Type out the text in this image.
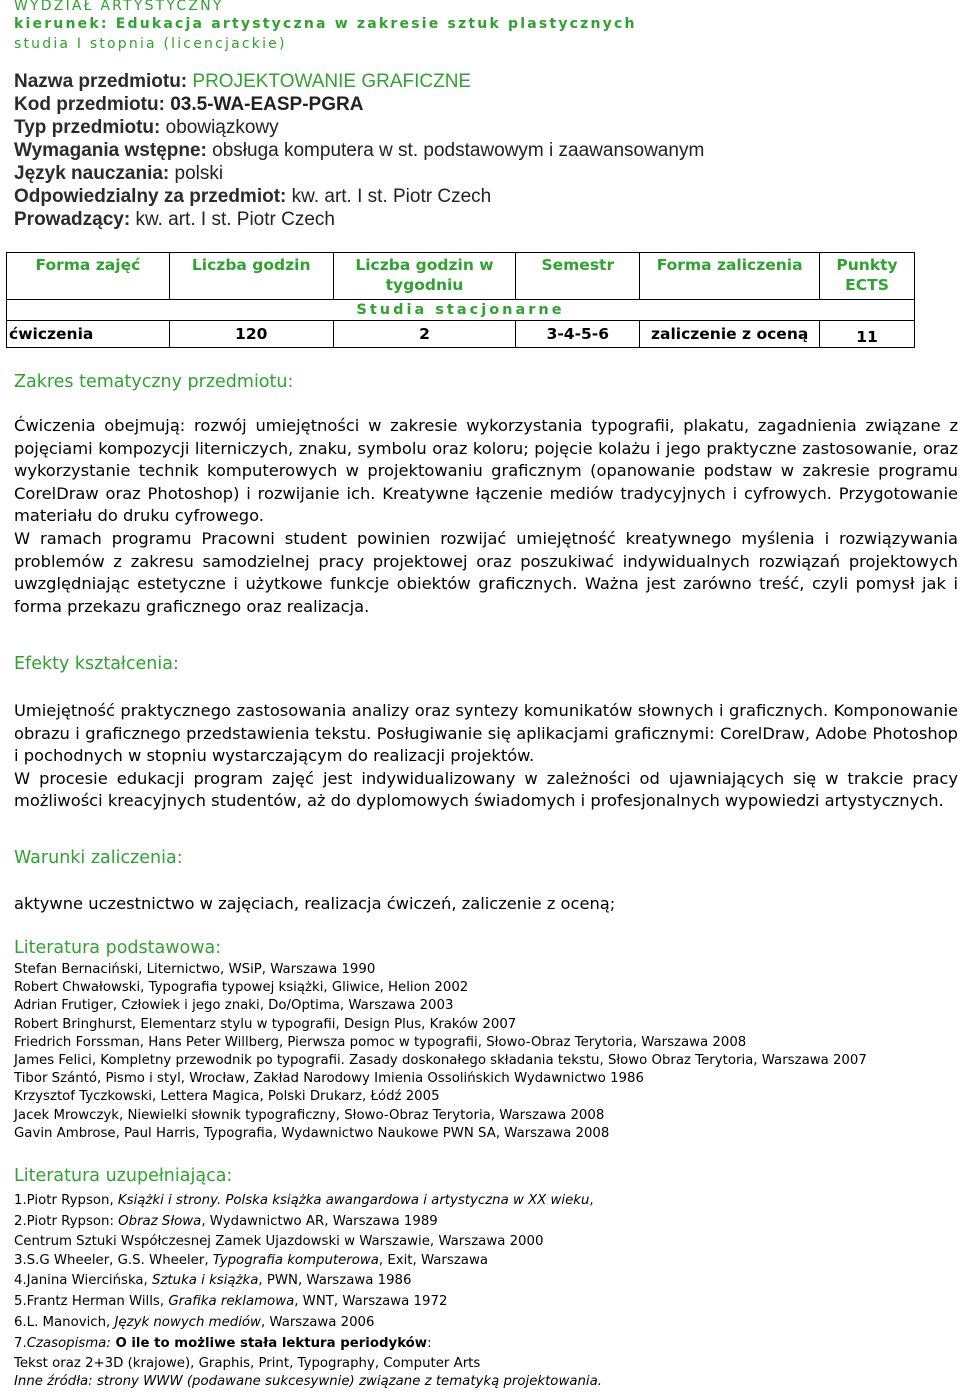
WYDZIAŁ ARTYSTYCZNY
kierunek: Edukacja artystyczna w zakresie sztuk plastycznych
studia I stopnia (licencjackie)
Nazwa przedmiotu: PROJEKTOWANIE GRAFICZNE
Kod przedmiotu: 03.5-WA-EASP-PGRA
Typ przedmiotu: obowiązkowy
Wymagania wstępne: obsługa komputera w st. podstawowym i zaawansowanym
Język nauczania: polski
Odpowiedzialny za przedmiot: kw. art. I st. Piotr Czech
Prowadzący: kw. art. I st. Piotr Czech
Forma zajęć	Liczba godzin	Liczba godzin w tygodniu	Semestr	Forma zaliczenia	Punkty ECTS
Studia stacjonarne					
ćwiczenia	120	2	3-4-5-6	zaliczenie z oceną	11
Zakres tematyczny przedmiotu:

Ćwiczenia obejmują: rozwój umiejętności w zakresie wykorzystania typografii, plakatu, zagadnienia związane z pojęciami kompozycji literniczych, znaku, symbolu oraz koloru; pojęcie kolażu i jego praktyczne zastosowanie, oraz wykorzystanie technik komputerowych w projektowaniu graficznym (opanowanie podstaw w zakresie programu CorelDraw oraz Photoshop) i rozwijanie ich. Kreatywne łączenie mediów tradycyjnych i cyfrowych. Przygotowanie materiału do druku cyfrowego.

W ramach programu Pracowni student powinien rozwijać umiejętność kreatywnego myślenia i rozwiązywania problemów z zakresu samodzielnej pracy projektowej oraz poszukiwać indywidualnych rozwiązań projektowych uwzględniając estetyczne i użytkowe funkcje obiektów graficznych. Ważna jest zarówno treść, czyli pomysł jak i forma przekazu graficznego oraz realizacja.

Efekty kształcenia:

Umiejętność praktycznego zastosowania analizy oraz syntezy komunikatów słownych i graficznych. Komponowanie obrazu i graficznego przedstawienia tekstu. Posługiwanie się aplikacjami graficznymi: CorelDraw, Adobe Photoshop i pochodnych w stopniu wystarczającym do realizacji projektów.

W procesie edukacji program zajęć jest indywidualizowany w zależności od ujawniających się w trakcie pracy możliwości kreacyjnych studentów, aż do dyplomowych świadomych i profesjonalnych wypowiedzi artystycznych.

Warunki zaliczenia:

aktywne uczestnictwo w zajęciach, realizacja ćwiczeń, zaliczenie z oceną;

Literatura podstawowa:
Stefan Bernaciński, Liternictwo, WSiP, Warszawa 1990
Robert Chwałowski, Typografia typowej książki, Gliwice, Helion 2002
Adrian Frutiger, Człowiek i jego znaki, Do/Optima, Warszawa 2003
Robert Bringhurst, Elementarz stylu w typografii, Design Plus, Kraków 2007
Friedrich Forssman, Hans Peter Willberg, Pierwsza pomoc w typografii, Słowo-Obraz Terytoria, Warszawa 2008
James Felici, Kompletny przewodnik po typografii. Zasady doskonałego składania tekstu, Słowo Obraz Terytoria, Warszawa 2007
Tibor Szántó, Pismo i styl, Wrocław, Zakład Narodowy Imienia Ossolińskich Wydawnictwo 1986
Krzysztof Tyczkowski, Lettera Magica, Polski Drukarz, Łódź 2005
Jacek Mrowczyk, Niewielki słownik typograficzny, Słowo-Obraz Terytoria, Warszawa 2008
Gavin Ambrose, Paul Harris, Typografia, Wydawnictwo Naukowe PWN SA, Warszawa 2008
Literatura uzupełniająca:
1.Piotr Rypson, Książki i strony. Polska książka awangardowa i artystyczna w XX wieku,
2.Piotr Rypson: Obraz Słowa, Wydawnictwo AR, Warszawa 1989
Centrum Sztuki Współczesnej Zamek Ujazdowski w Warszawie, Warszawa 2000
3.S.G Wheeler, G.S. Wheeler, Typografia komputerowa, Exit, Warszawa
4.Janina Wiercińska, Sztuka i książka, PWN, Warszawa 1986
5.Frantz Herman Wills, Grafika reklamowa, WNT, Warszawa 1972
6.L. Manovich, Język nowych mediów, Warszawa 2006
7.Czasopisma: O ile to możliwe stała lektura periodyków:
Tekst oraz 2+3D (krajowe), Graphis, Print, Typography, Computer Arts
Inne źródła: strony WWW (podawane sukcesywnie) związane z tematyką projektowania.
